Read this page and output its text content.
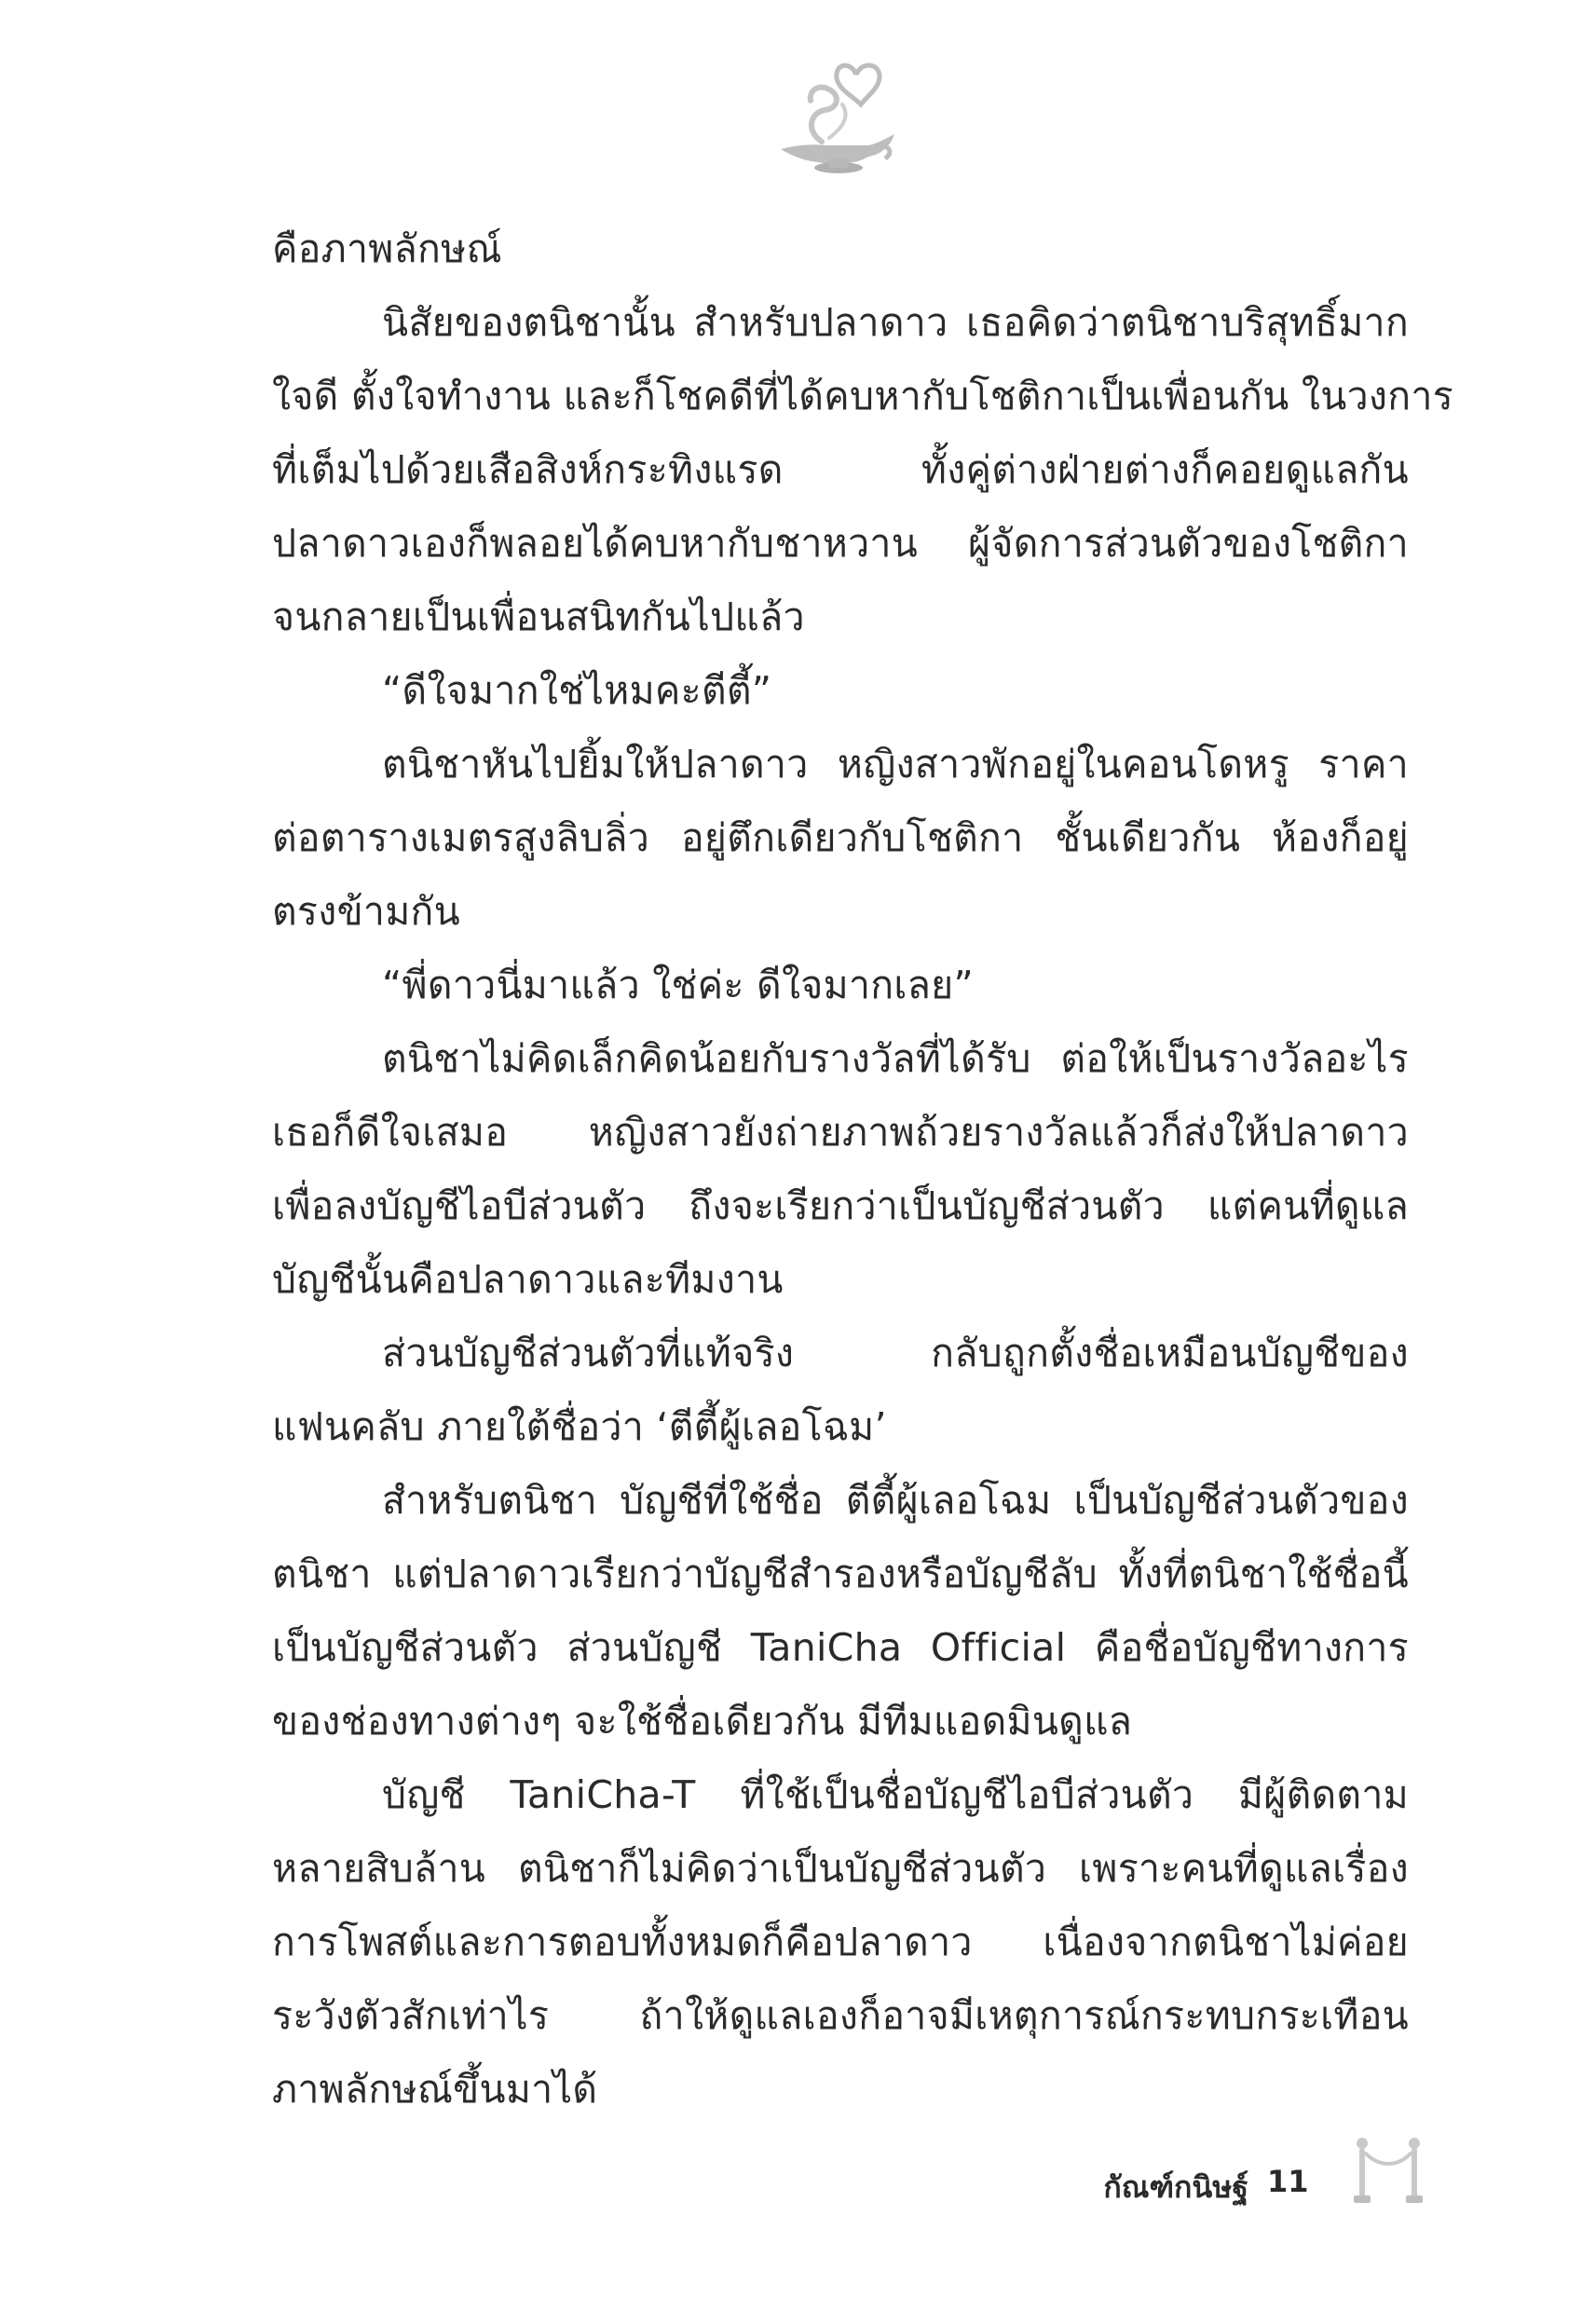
คือภาพลักษณ์
นิสัยของตนิชานั้น สำหรับปลาดาว เธอคิดว่าตนิชาบริสุทธิ์มาก
ใจดี ตั้งใจทำงาน และก็โชคดีที่ได้คบหากับโชติกาเป็นเพื่อนกัน ในวงการ
ที่เต็มไปด้วยเสือสิงห์กระทิงแรด ทั้งคู่ต่างฝ่ายต่างก็คอยดูแลกัน
ปลาดาวเองก็พลอยได้คบหากับชาหวาน ผู้จัดการส่วนตัวของโชติกา
จนกลายเป็นเพื่อนสนิทกันไปแล้ว
“ดีใจมากใช่ไหมคะตีตี้”
ตนิชาหันไปยิ้มให้ปลาดาว หญิงสาวพักอยู่ในคอนโดหรู ราคา
ต่อตารางเมตรสูงลิบลิ่ว อยู่ตึกเดียวกับโชติกา ชั้นเดียวกัน ห้องก็อยู่
ตรงข้ามกัน
“พี่ดาวนี่มาแล้ว ใช่ค่ะ ดีใจมากเลย”
ตนิชาไม่คิดเล็กคิดน้อยกับรางวัลที่ได้รับ ต่อให้เป็นรางวัลอะไร
เธอก็ดีใจเสมอ หญิงสาวยังถ่ายภาพถ้วยรางวัลแล้วก็ส่งให้ปลาดาว
เพื่อลงบัญชีไอบีส่วนตัว ถึงจะเรียกว่าเป็นบัญชีส่วนตัว แต่คนที่ดูแล
บัญชีนั้นคือปลาดาวและทีมงาน
ส่วนบัญชีส่วนตัวที่แท้จริง กลับถูกตั้งชื่อเหมือนบัญชีของ
แฟนคลับ ภายใต้ชื่อว่า ‘ตีตี้ผู้เลอโฉม’
สำหรับตนิชา บัญชีที่ใช้ชื่อ ตีตี้ผู้เลอโฉม เป็นบัญชีส่วนตัวของ
ตนิชา แต่ปลาดาวเรียกว่าบัญชีสำรองหรือบัญชีลับ ทั้งที่ตนิชาใช้ชื่อนี้
เป็นบัญชีส่วนตัว ส่วนบัญชี TaniCha Official คือชื่อบัญชีทางการ
ของช่องทางต่างๆ จะใช้ชื่อเดียวกัน มีทีมแอดมินดูแล
บัญชี TaniCha-T ที่ใช้เป็นชื่อบัญชีไอบีส่วนตัว มีผู้ติดตาม
หลายสิบล้าน ตนิชาก็ไม่คิดว่าเป็นบัญชีส่วนตัว เพราะคนที่ดูแลเรื่อง
การโพสต์และการตอบทั้งหมดก็คือปลาดาว เนื่องจากตนิชาไม่ค่อย
ระวังตัวสักเท่าไร ถ้าให้ดูแลเองก็อาจมีเหตุการณ์กระทบกระเทือน
ภาพลักษณ์ขึ้นมาได้
กัณฑ์กนิษฐ์ 11
